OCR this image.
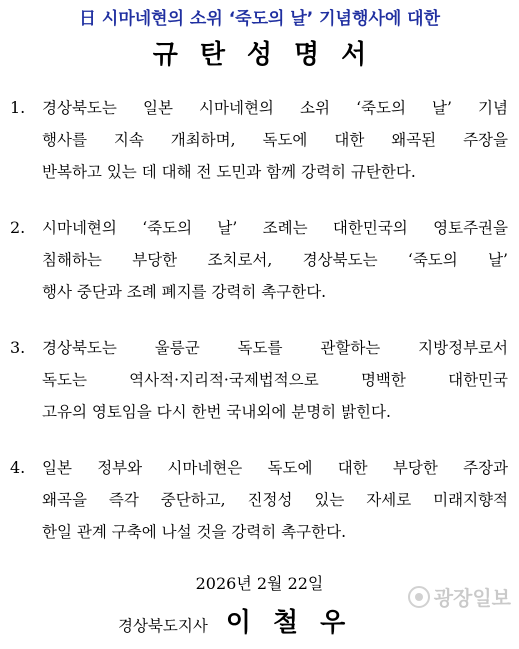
日 시마네현의 소위 ‘죽도의 날’ 기념행사에 대한
규탄성명서
1.	경상북도는 일본 시마네현의 소위 ‘죽도의 날’ 기념
행사를 지속 개최하며, 독도에 대한 왜곡된 주장을
반복하고 있는 데 대해 전 도민과 함께 강력히 규탄한다.
2.	시마네현의 ‘죽도의 날’ 조례는 대한민국의 영토주권을
침해하는 부당한 조치로서, 경상북도는 ‘죽도의 날’
행사 중단과 조례 폐지를 강력히 촉구한다.
3.	경상북도는 울릉군 독도를 관할하는 지방정부로서
독도는 역사적·지리적·국제법적으로 명백한 대한민국
고유의 영토임을 다시 한번 국내외에 분명히 밝힌다.
4.	일본 정부와 시마네현은 독도에 대한 부당한 주장과
왜곡을 즉각 중단하고, 진정성 있는 자세로 미래지향적
한일 관계 구축에 나설 것을 강력히 촉구한다.
2026년 2월 22일
경상북도지사 이철우
광장일보
